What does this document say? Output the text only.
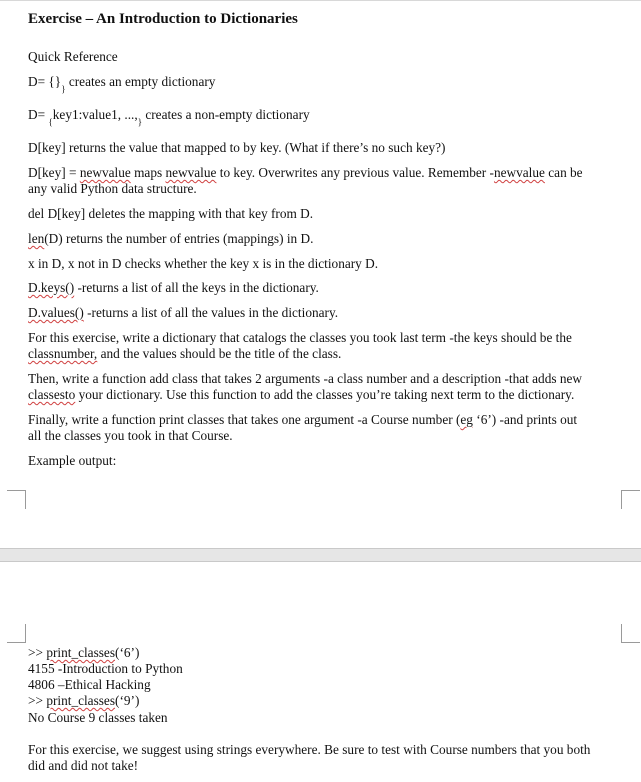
Exercise – An Introduction to Dictionaries
Quick Reference
$D= \{\}_{\}}$ creates an empty dictionary
D= $_{\{}$key1:value1, $...,_{\}}$ creates a non-empty dictionary
D[key] returns the value that mapped to by key. (What if there’s no such key?)
D[key] = newvalue maps newvalue to key. Overwrites any previous value. Remember -newvalue can be
any valid Python data structure.
del D[key] deletes the mapping with that key from D.
len(D) returns the number of entries (mappings) in D.
x in D, x not in D checks whether the key x is in the dictionary D.
D.keys() -returns a list of all the keys in the dictionary.
D.values() -returns a list of all the values in the dictionary.
For this exercise, write a dictionary that catalogs the classes you took last term -the keys should be the
classnumber, and the values should be the title of the class.
Then, write a function add class that takes 2 arguments -a class number and a description -that adds new
classesto your dictionary. Use this function to add the classes you’re taking next term to the dictionary.
Finally, write a function print classes that takes one argument -a Course number (eg ‘6’) -and prints out
all the classes you took in that Course.
Example output:
>> print_classes(‘6’)
4155 -Introduction to Python
4806 –Ethical Hacking
>> print_classes(‘9’)
No Course 9 classes taken
For this exercise, we suggest using strings everywhere. Be sure to test with Course numbers that you both
did and did not take!
